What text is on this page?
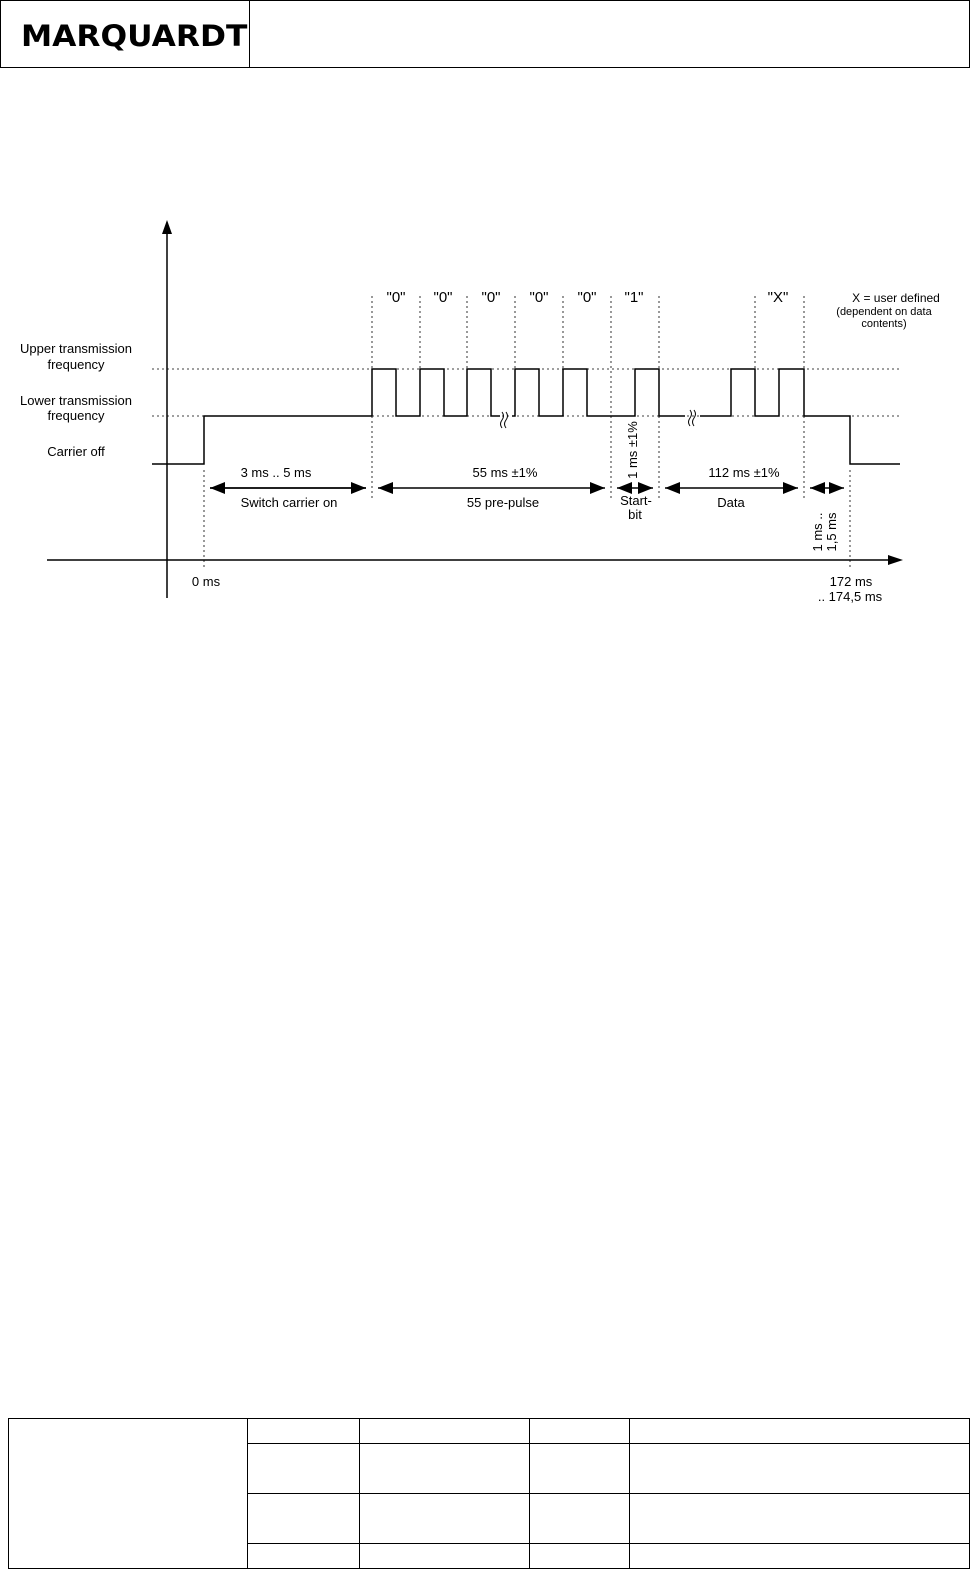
MARQUARDT
"0" "0" "0" "0" "0" "1"	"X"	X = user defined
(dependent on data
contents)
Upper transmission
frequency
Lower transmission
frequency
Carrier off
3 ms .. 5 ms	55 ms ±1%	112 ms ±1%
1 ms ±1%
1 ms .. 1,5 ms
Switch carrier on	55 pre-pulse	Start-
bit
Data
0 ms	172 ms
.. 174,5 ms
